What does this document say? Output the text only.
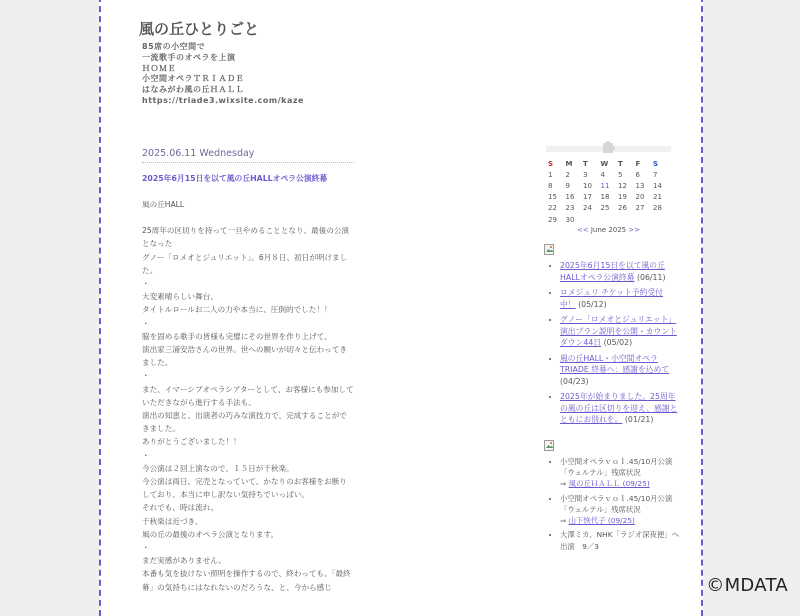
風の丘ひとりごと
85席の小空間で
一流歌手のオペラを上演
ＨＯＭＥ
小空間オペラＴＲＩＡＤＥ
はなみがわ風の丘ＨＡＬＬ
https://triade3.wixsite.com/kaze
2025.06.11 Wednesday
2025年6月15日を以て風の丘HALLオペラ公演終幕
風の丘HALL
25周年の区切りを持って一旦やめることとなり、最後の公演となった
グノー「ロメオとジュリエット」。6月８日、初日が明けました。
・
大変素晴らしい舞台、
タイトルロールお二人の力や本当に、圧倒的でした！！
・
脇を固める歌手の皆様も完璧にその世界を作り上げて、
演出家三浦安浩さんの世界。世への願いが切々と伝わってきました。
・
また、イマーシブオペラシアターとして、お客様にも参加していただきながら進行する手法も、
演出の知恵と、出演者の巧みな演技力で、完成することができました。
ありがとうございました！！
・
今公演は２回上演なので、１５日が千秋楽。
今公演は両日、完売となっていて、かなりのお客様をお断りしており、本当に申し訳ない気持ちでいっぱい。
それでも、時は流れ、
千秋楽は近づき、
風の丘の最後のオペラ公演となります。
・
まだ実感がありません。
本番も気を抜けない照明を操作するので、終わっても、「最終幕」の気持ちにはなれないのだろうな、と、今から感じ
S	M	T	W	T	F	S
1	2	3	4	5	6	7
8	9	10	11	12	13	14
15	16	17	18	19	20	21
22	23	24	25	26	27	28
29	30					
<< June 2025 >>
• 2025年6月15日を以て風の丘HALLオペラ公演終幕 (06/11)
• ロメジュリ チケット予約受付中！ (05/12)
• グノー「ロメオとジュリエット」演出プラン説明を公開・カウントダウン44日 (05/02)
• 風の丘HALL・小空間オペラTRIADE 終幕へ：感謝を込めて (04/23)
• 2025年が始まりました。25周年の風の丘は区切りを迎え、感謝とともにお別れを。 (01/21)
• 小空間オペラｖｏｌ.45/10月公演「ウェルテル」残席状況
⇒ 風の丘ＨＡＬＬ (09/25)
• 小空間オペラｖｏｌ.45/10月公演「ウェルテル」残席状況
⇒ 山下恢代子 (09/25)
• 大澤ミカ、NHK「ラジオ深夜便」へ出演　9／3
©MDATA
